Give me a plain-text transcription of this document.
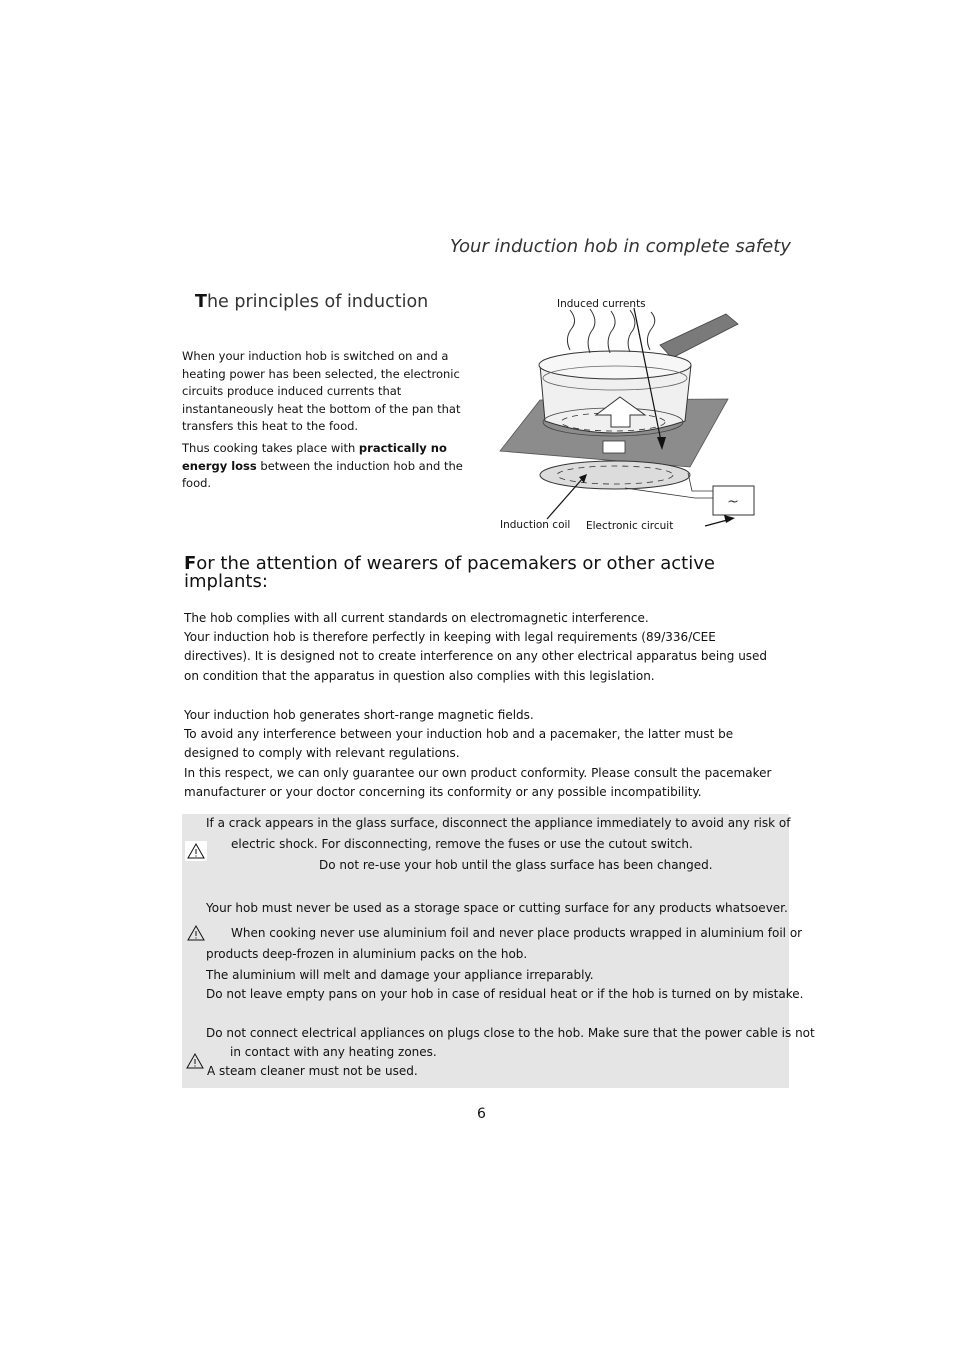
Your induction hob in complete safety
The principles of induction
When your induction hob is switched on and a heating power has been selected, the electronic circuits produce induced currents that instantaneously heat the bottom of the pan that transfers this heat to the food.
Thus cooking takes place with practically no energy loss between the induction hob and the food.
~
Induced currents
Induction coil Electronic circuit
For the attention of wearers of pacemakers or other active implants:
The hob complies with all current standards on electromagnetic interference.
Your induction hob is therefore perfectly in keeping with legal requirements (89/336/CEE directives). It is designed not to create interference on any other electrical apparatus being used on condition that the apparatus in question also complies with this legislation.
Your induction hob generates short-range magnetic fields.
To avoid any interference between your induction hob and a pacemaker, the latter must be designed to comply with relevant regulations.
In this respect, we can only guarantee our own product conformity. Please consult the pacemaker manufacturer or your doctor concerning its conformity or any possible incompatibility.
If a crack appears in the glass surface, disconnect the appliance immediately to avoid any risk of
electric shock. For disconnecting, remove the fuses or use the cutout switch.
Do not re-use your hob until the glass surface has been changed.
Your hob must never be used as a storage space or cutting surface for any products whatsoever.
When cooking never use aluminium foil and never place products wrapped in aluminium foil or
products deep-frozen in aluminium packs on the hob.
The aluminium will melt and damage your appliance irreparably.
Do not leave empty pans on your hob in case of residual heat or if the hob is turned on by mistake.
Do not connect electrical appliances on plugs close to the hob. Make sure that the power cable is not
in contact with any heating zones.
A steam cleaner must not be used.
6
